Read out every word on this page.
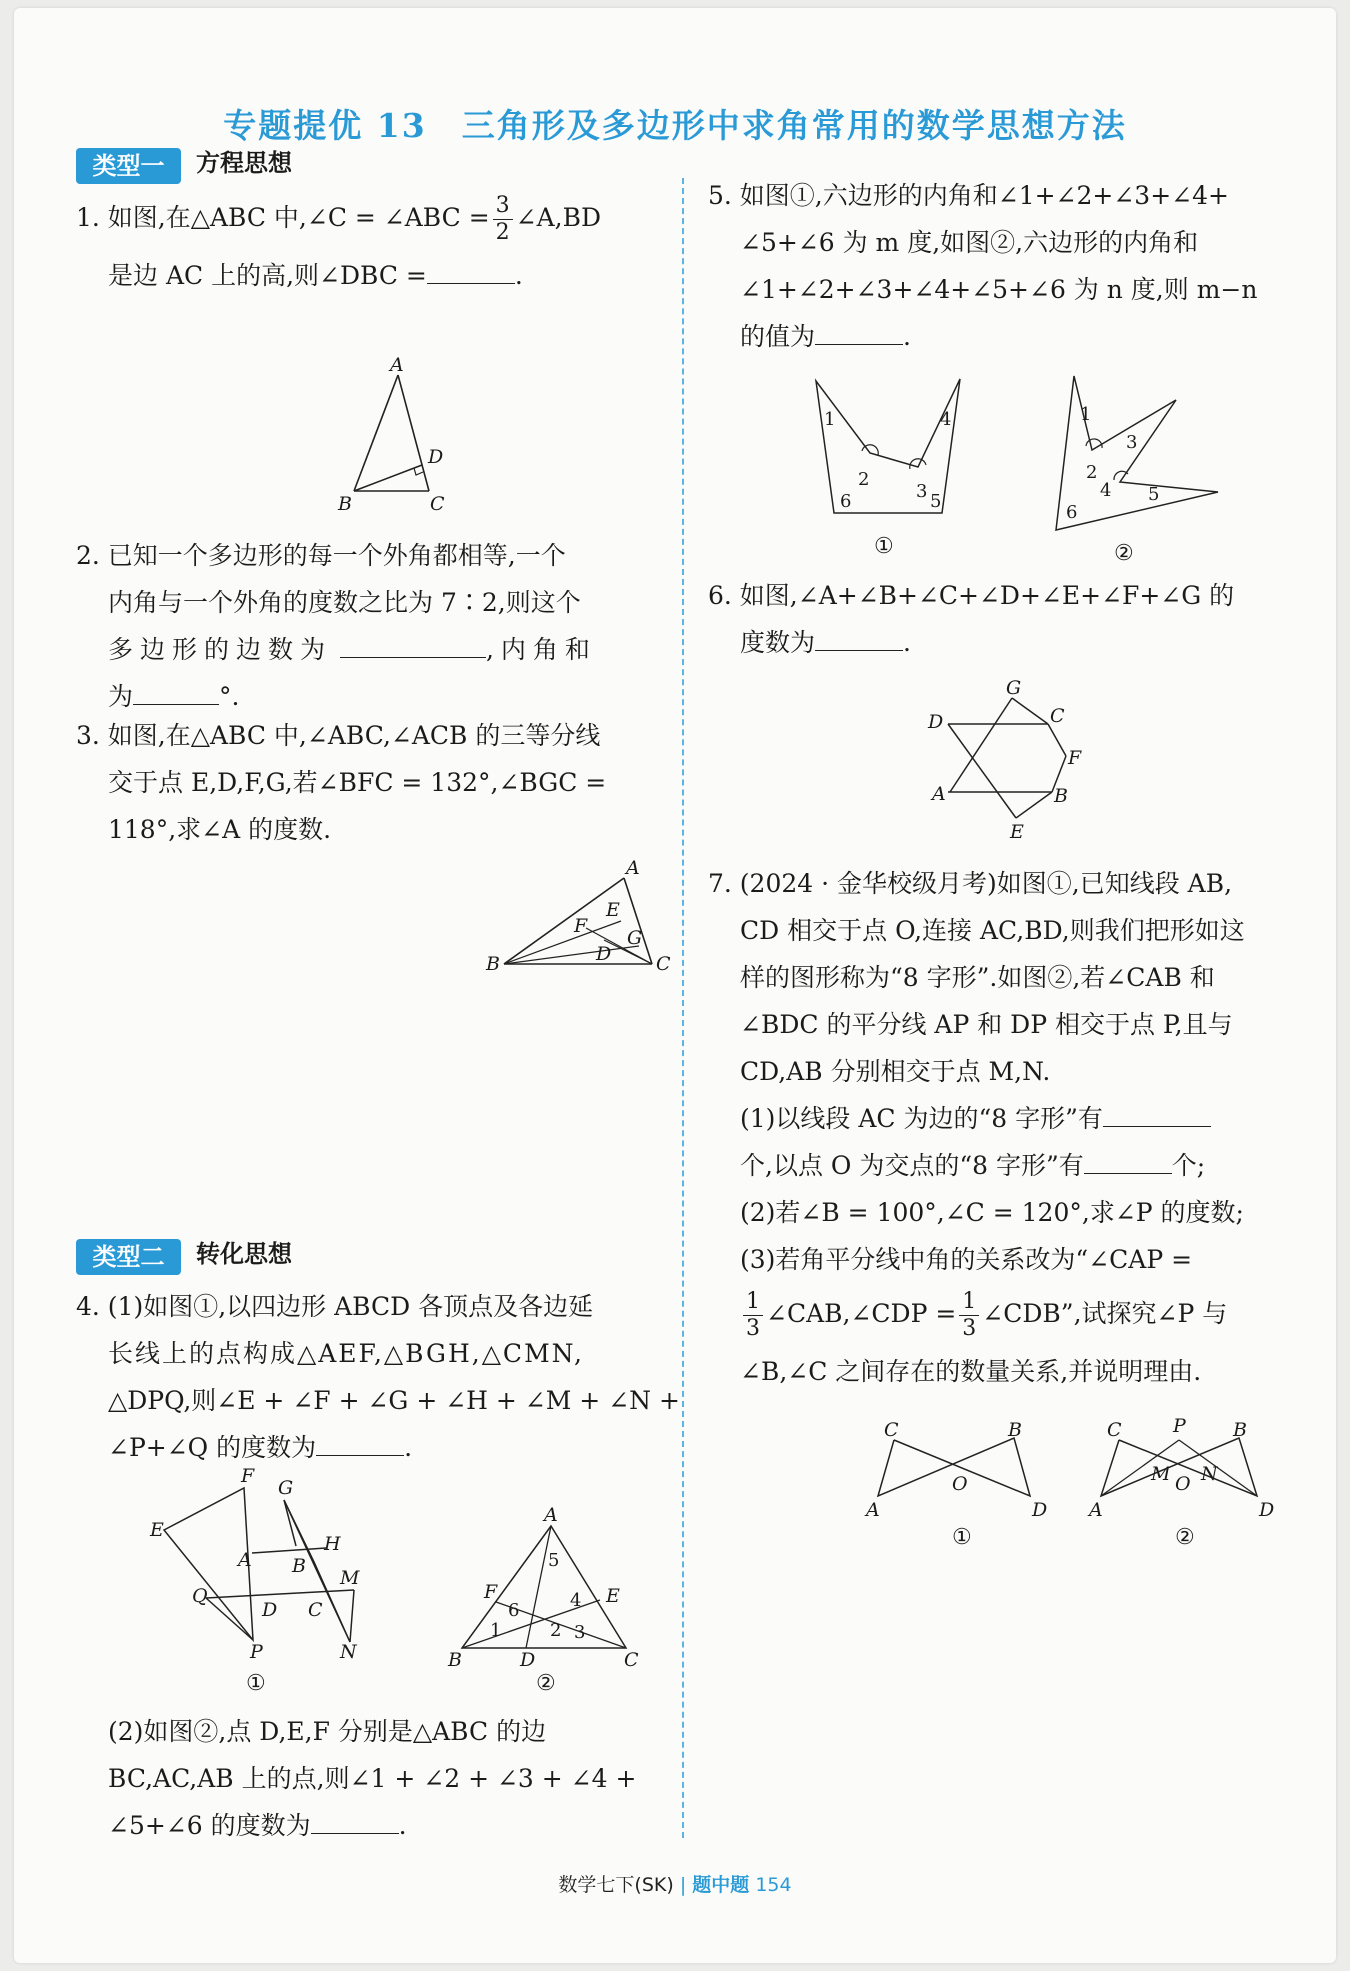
专题提优 13　三角形及多边形中求角常用的数学思想方法
类型一	方程思想
1. 如图,在△ABC 中,∠C = ∠ABC = $\frac{3}{2}$ ∠A,BD
是边 AC 上的高,则∠DBC =	.
A
B	C
D
2. 已知一个多边形的每一个外角都相等,一个
内角与一个外角的度数之比为 7∶2,则这个
多边形的边数为	,内角和
为	°.
3. 如图,在△ABC 中,∠ABC,∠ACB 的三等分线
交于点 E,D,F,G,若∠BFC = 132°,∠BGC =
118°,求∠A 的度数.
A
B	C
E
F
G
D
类型二	转化思想
4. (1)如图①,以四边形 ABCD 各顶点及各边延
长线上的点构成△AEF,△BGH,△CMN,
△DPQ,则∠E + ∠F + ∠G + ∠H + ∠M + ∠N +
∠P+∠Q 的度数为	.
F
G
E
H
A B
M
Q
D C
P	N
①
A
B	C
D
E
F
5
4
6
1	2 3
②
(2)如图②,点 D,E,F 分别是△ABC 的边
BC,AC,AB 上的点,则∠1 + ∠2 + ∠3 + ∠4 +
∠5+∠6 的度数为	.
5. 如图①,六边形的内角和∠1+∠2+∠3+∠4+
∠5+∠6 为 m 度,如图②,六边形的内角和
∠1+∠2+∠3+∠4+∠5+∠6 为 n 度,则 m−n
的值为	.
1
2
3
4
5
6
①
1
2
3
4 5
6
②
6. 如图,∠A+∠B+∠C+∠D+∠E+∠F+∠G 的
度数为	.
G
D	C
F
A	B
E
7. (2024 · 金华校级月考)如图①,已知线段 AB,
CD 相交于点 O,连接 AC,BD,则我们把形如这
样的图形称为“8 字形”.如图②,若∠CAB 和
∠BDC 的平分线 AP 和 DP 相交于点 P,且与
CD,AB 分别相交于点 M,N.
(1)以线段 AC 为边的“8 字形”有
个,以点 O 为交点的“8 字形”有	个;
(2)若∠B = 100°,∠C = 120°,求∠P 的度数;
(3)若角平分线中角的关系改为“∠CAP =
$\frac{1}{3}$ ∠CAB,∠CDP = $\frac{1}{3}$ ∠CDB”,试探究∠P 与
∠B,∠C 之间存在的数量关系,并说明理由.
C	B
A	D
O
①
C	P B
A	D
M O N
②
数学七下(SK) | 题中题 154
